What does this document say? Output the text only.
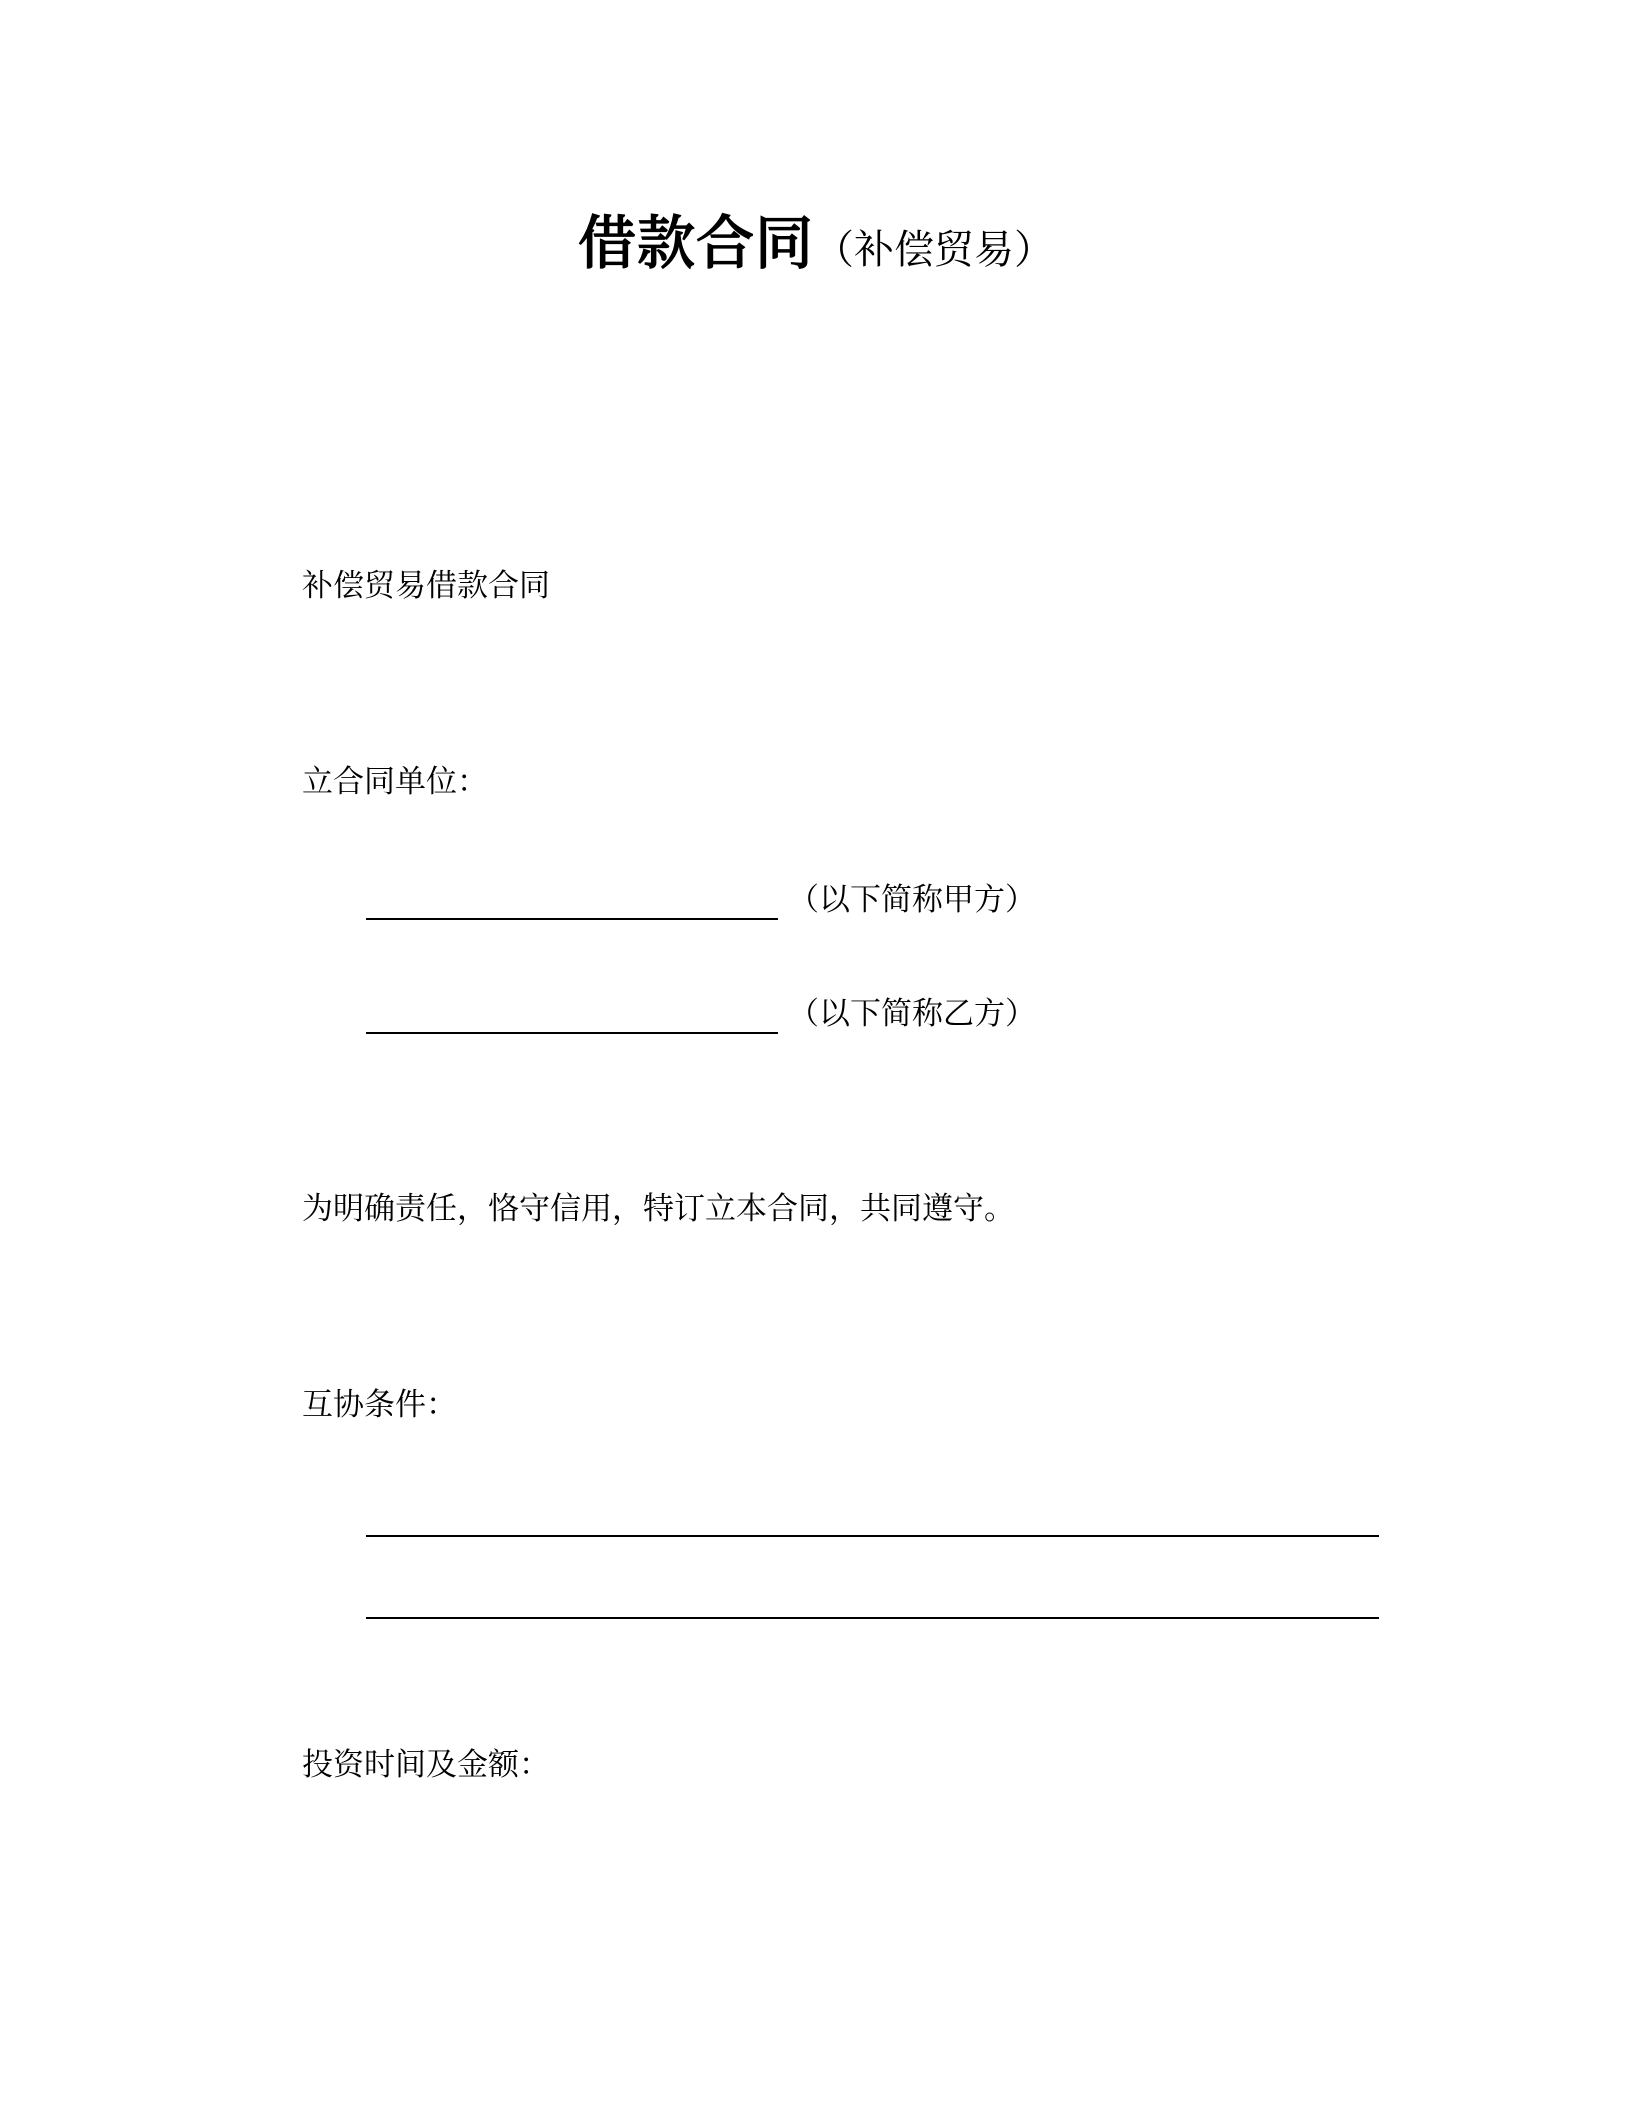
借款合同（补偿贸易）
补偿贸易借款合同
立合同单位：
（以下简称甲方）
（以下简称乙方）
为明确责任，恪守信用，特订立本合同，共同遵守。
互协条件：
投资时间及金额：
